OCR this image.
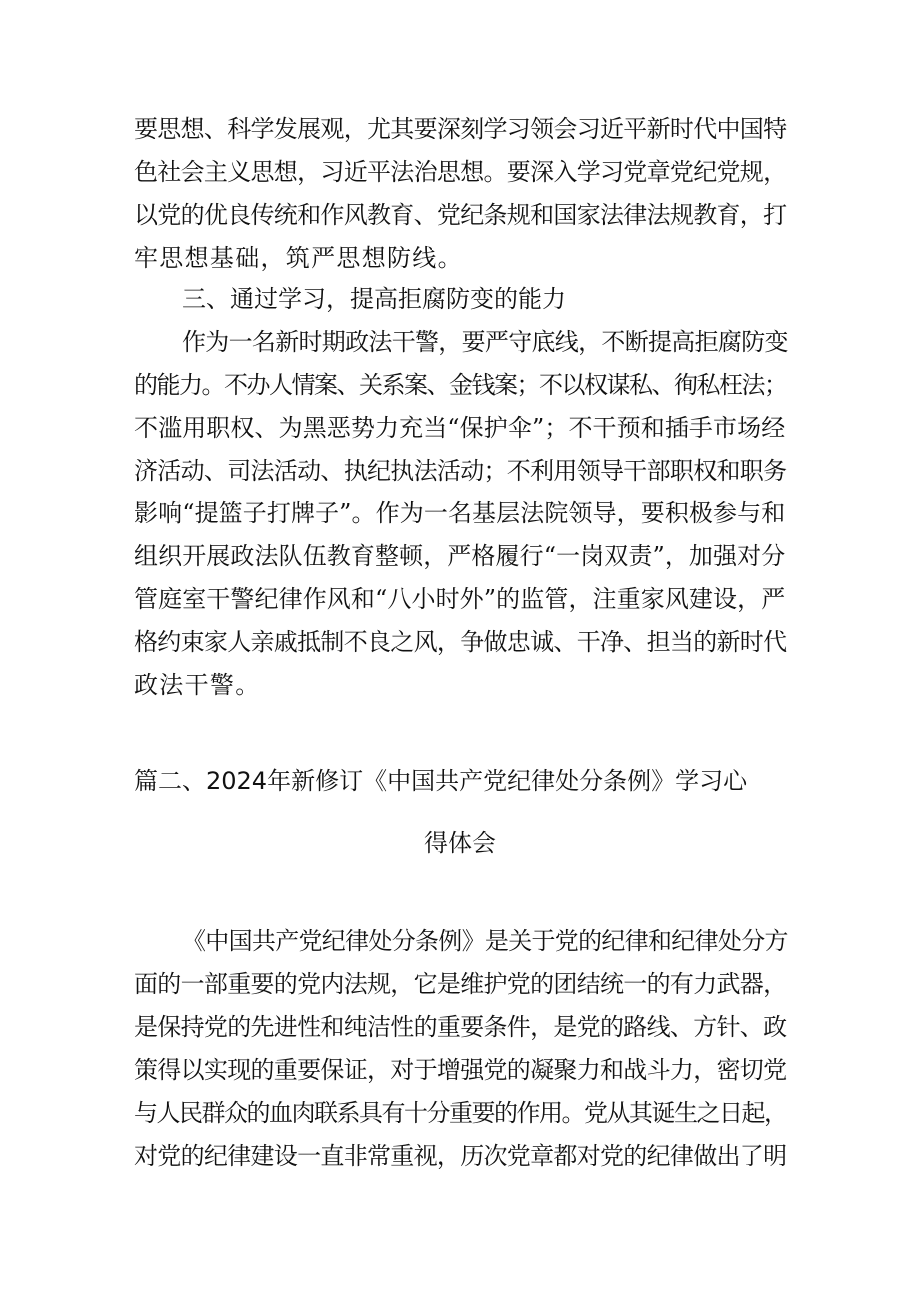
要思想、科学发展观，尤其要深刻学习领会习近平新时代中国特
色社会主义思想，习近平法治思想。要深入学习党章党纪党规，
以党的优良传统和作风教育、党纪条规和国家法律法规教育，打
牢思想基础，筑严思想防线。
三、通过学习，提高拒腐防变的能力
作为一名新时期政法干警，要严守底线，不断提高拒腐防变
的能力。不办人情案、关系案、金钱案；不以权谋私、徇私枉法；
不滥用职权、为黑恶势力充当“保护伞”；不干预和插手市场经
济活动、司法活动、执纪执法活动；不利用领导干部职权和职务
影响“提篮子打牌子”。作为一名基层法院领导，要积极参与和
组织开展政法队伍教育整顿，严格履行“一岗双责”，加强对分
管庭室干警纪律作风和“八小时外”的监管，注重家风建设，严
格约束家人亲戚抵制不良之风，争做忠诚、干净、担当的新时代
政法干警。
篇二、2024年新修订《中国共产党纪律处分条例》学习心
得体会
《中国共产党纪律处分条例》是关于党的纪律和纪律处分方
面的一部重要的党内法规，它是维护党的团结统一的有力武器，
是保持党的先进性和纯洁性的重要条件，是党的路线、方针、政
策得以实现的重要保证，对于增强党的凝聚力和战斗力，密切党
与人民群众的血肉联系具有十分重要的作用。党从其诞生之日起，
对党的纪律建设一直非常重视，历次党章都对党的纪律做出了明
